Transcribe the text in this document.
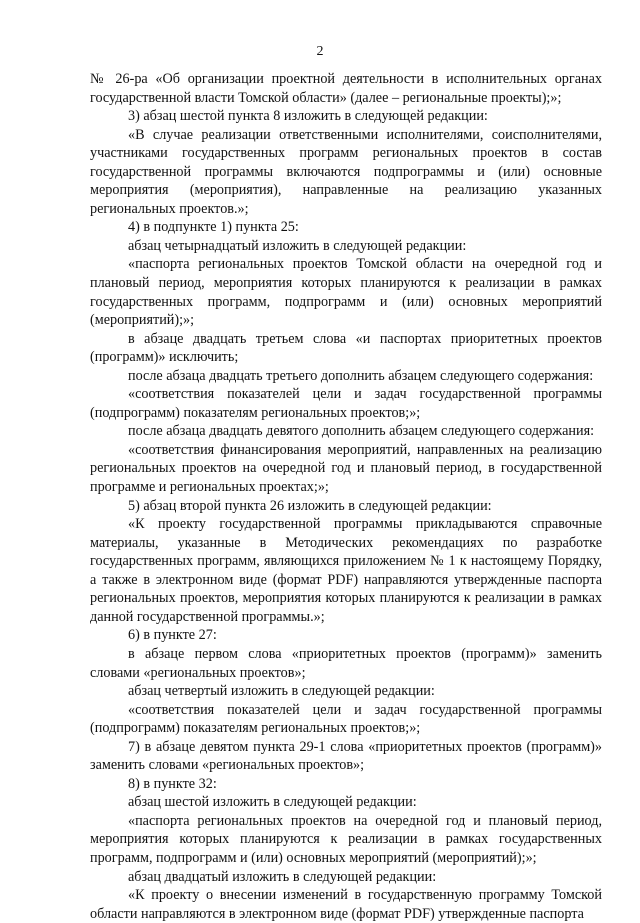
2

№ 26-ра «Об организации проектной деятельности в исполнительных органах государственной власти Томской области» (далее – региональные проекты);»;

3) абзац шестой пункта 8 изложить в следующей редакции:

«В случае реализации ответственными исполнителями, соисполнителями, участниками государственных программ региональных проектов в состав государственной программы включаются подпрограммы и (или) основные мероприятия (мероприятия), направленные на реализацию указанных региональных проектов.»;

4) в подпункте 1) пункта 25:

абзац четырнадцатый изложить в следующей редакции:

«паспорта региональных проектов Томской области на очередной год и плановый период, мероприятия которых планируются к реализации в рамках государственных программ, подпрограмм и (или) основных мероприятий (мероприятий);»;

в абзаце двадцать третьем слова «и паспортах приоритетных проектов (программ)» исключить;

после абзаца двадцать третьего дополнить абзацем следующего содержания:

«соответствия показателей цели и задач государственной программы (подпрограмм) показателям региональных проектов;»;

после абзаца двадцать девятого дополнить абзацем следующего содержания:

«соответствия финансирования мероприятий, направленных на реализацию региональных проектов на очередной год и плановый период, в государственной программе и региональных проектах;»;

5) абзац второй пункта 26 изложить в следующей редакции:

«К проекту государственной программы прикладываются справочные материалы, указанные в Методических рекомендациях по разработке государственных программ, являющихся приложением № 1 к настоящему Порядку, а также в электронном виде (формат PDF) направляются утвержденные паспорта региональных проектов, мероприятия которых планируются к реализации в рамках данной государственной программы.»;

6) в пункте 27:

в абзаце первом слова «приоритетных проектов (программ)» заменить словами «региональных проектов»;

абзац четвертый изложить в следующей редакции:

«соответствия показателей цели и задач государственной программы (подпрограмм) показателям региональных проектов;»;

7) в абзаце девятом пункта 29-1 слова «приоритетных проектов (программ)» заменить словами «региональных проектов»;

8) в пункте 32:

абзац шестой изложить в следующей редакции:

«паспорта региональных проектов на очередной год и плановый период, мероприятия которых планируются к реализации в рамках государственных программ, подпрограмм и (или) основных мероприятий (мероприятий);»;

абзац двадцатый изложить в следующей редакции:

«К проекту о внесении изменений в государственную программу Томской области направляются в электронном виде (формат PDF) утвержденные паспорта
